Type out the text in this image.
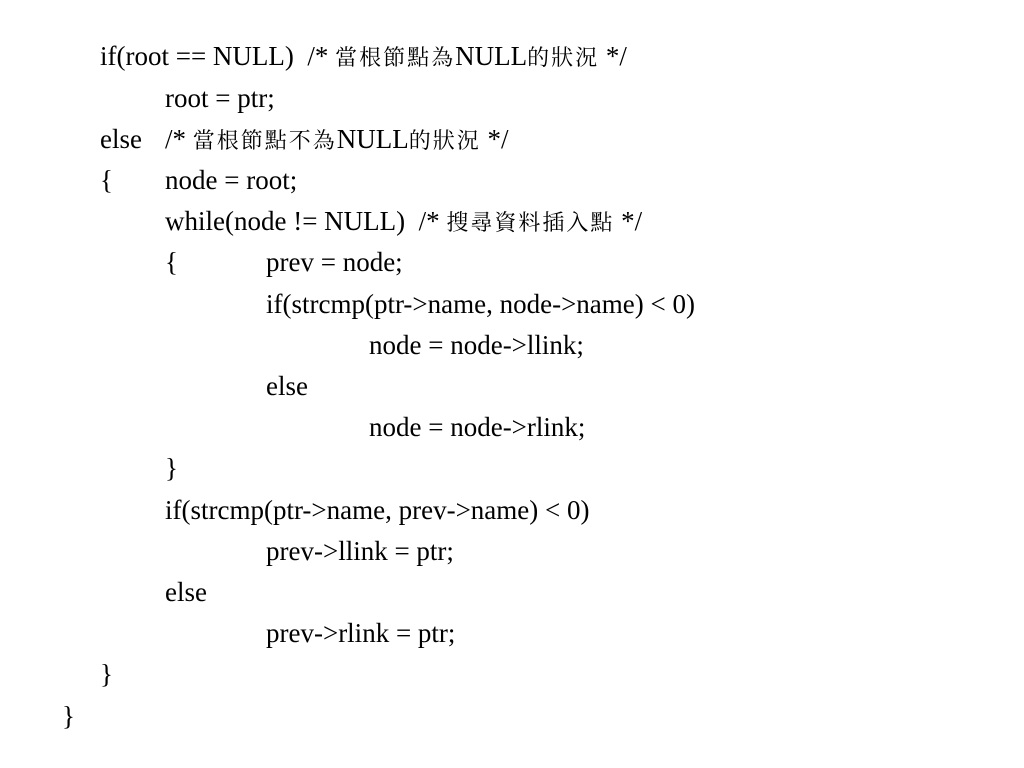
if(root == NULL)  /* 當根節點為NULL的狀況 */
root = ptr;
else /* 當根節點不為NULL的狀況 */
{ node = root;
while(node != NULL)  /* 搜尋資料插入點 */
{	prev = node;
if(strcmp(ptr->name, node->name) < 0)
node = node->llink;
else
node = node->rlink;
}
if(strcmp(ptr->name, prev->name) < 0)
prev->llink = ptr;
else
prev->rlink = ptr;
}
}
